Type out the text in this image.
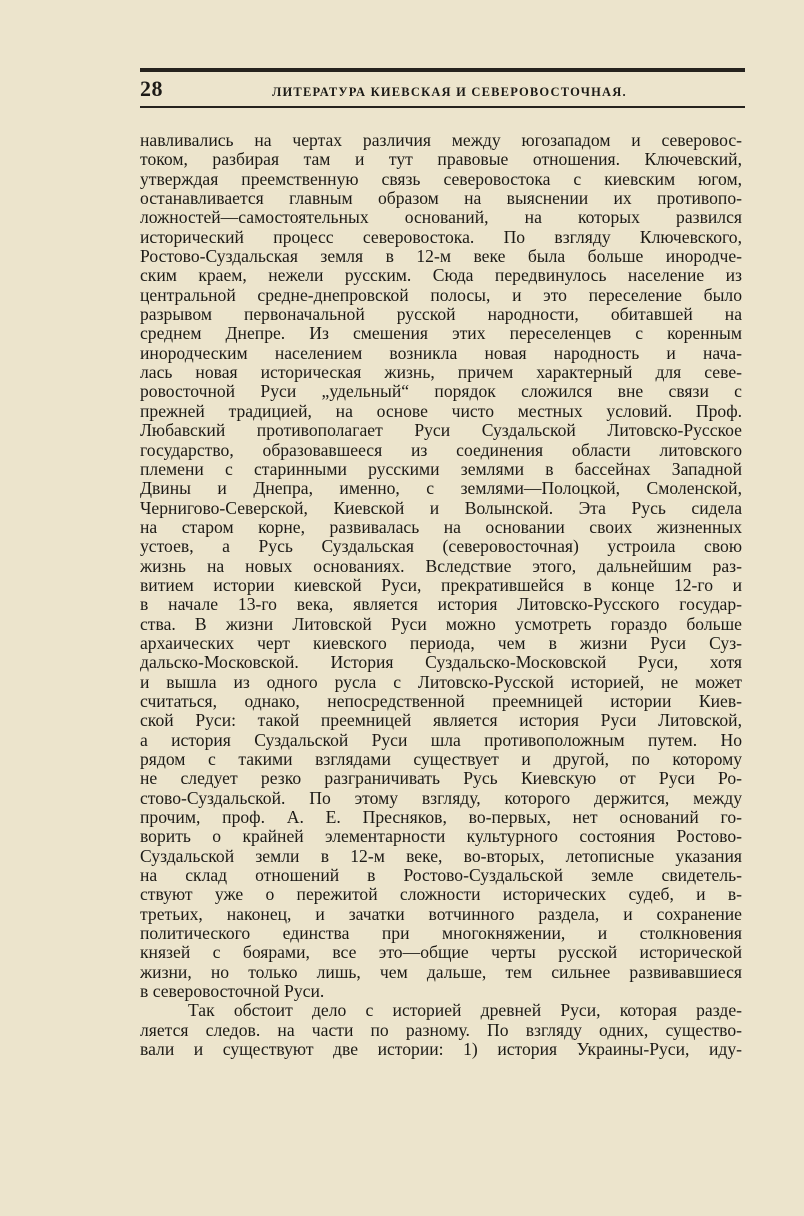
28	ЛИТЕРАТУРА КИЕВСКАЯ И СЕВЕРОВОСТОЧНАЯ.
навливались на чертах различия между югозападом и северовос-
током, разбирая там и тут правовые отношения. Ключевский,
утверждая преемственную связь северовостока с киевским югом,
останавливается главным образом на выяснении их противопо-
ложностей—самостоятельных оснований, на которых развился
исторический процесс северовостока. По взгляду Ключевского,
Ростово-Суздальская земля в 12-м веке была больше инородче-
ским краем, нежели русским. Сюда передвинулось население из
центральной средне-днепровской полосы, и это переселение было
разрывом первоначальной русской народности, обитавшей на
среднем Днепре. Из смешения этих переселенцев с коренным
инородческим населением возникла новая народность и нача-
лась новая историческая жизнь, причем характерный для севе-
ровосточной Руси „удельный“ порядок сложился вне связи с
прежней традицией, на основе чисто местных условий. Проф.
Любавский противополагает Руси Суздальской Литовско-Русское
государство, образовавшееся из соединения области литовского
племени с старинными русскими землями в бассейнах Западной
Двины и Днепра, именно, с землями—Полоцкой, Смоленской,
Чернигово-Северской, Киевской и Волынской. Эта Русь сидела
на старом корне, развивалась на основании своих жизненных
устоев, а Русь Суздальская (северовосточная) устроила свою
жизнь на новых основаниях. Вследствие этого, дальнейшим раз-
витием истории киевской Руси, прекратившейся в конце 12-го и
в начале 13-го века, является история Литовско-Русского государ-
ства. В жизни Литовской Руси можно усмотреть гораздо больше
архаических черт киевского периода, чем в жизни Руси Суз-
дальско-Московской. История Суздальско-Московской Руси, хотя
и вышла из одного русла с Литовско-Русской историей, не может
считаться, однако, непосредственной преемницей истории Киев-
ской Руси: такой преемницей является история Руси Литовской,
а история Суздальской Руси шла противоположным путем. Но
рядом с такими взглядами существует и другой, по которому
не следует резко разграничивать Русь Киевскую от Руси Ро-
стово-Суздальской. По этому взгляду, которого держится, между
прочим, проф. А. Е. Пресняков, во-первых, нет оснований го-
ворить о крайней элементарности культурного состояния Ростово-
Суздальской земли в 12-м веке, во-вторых, летописные указания
на склад отношений в Ростово-Суздальской земле свидетель-
ствуют уже о пережитой сложности исторических судеб, и в-
третьих, наконец, и зачатки вотчинного раздела, и сохранение
политического единства при многокняжении, и столкновения
князей с боярами, все это—общие черты русской исторической
жизни, но только лишь, чем дальше, тем сильнее развивавшиеся
в северовосточной Руси.
Так обстоит дело с историей древней Руси, которая разде-
ляется следов. на части по разному. По взгляду одних, существо-
вали и существуют две истории: 1) история Украины-Руси, иду-
